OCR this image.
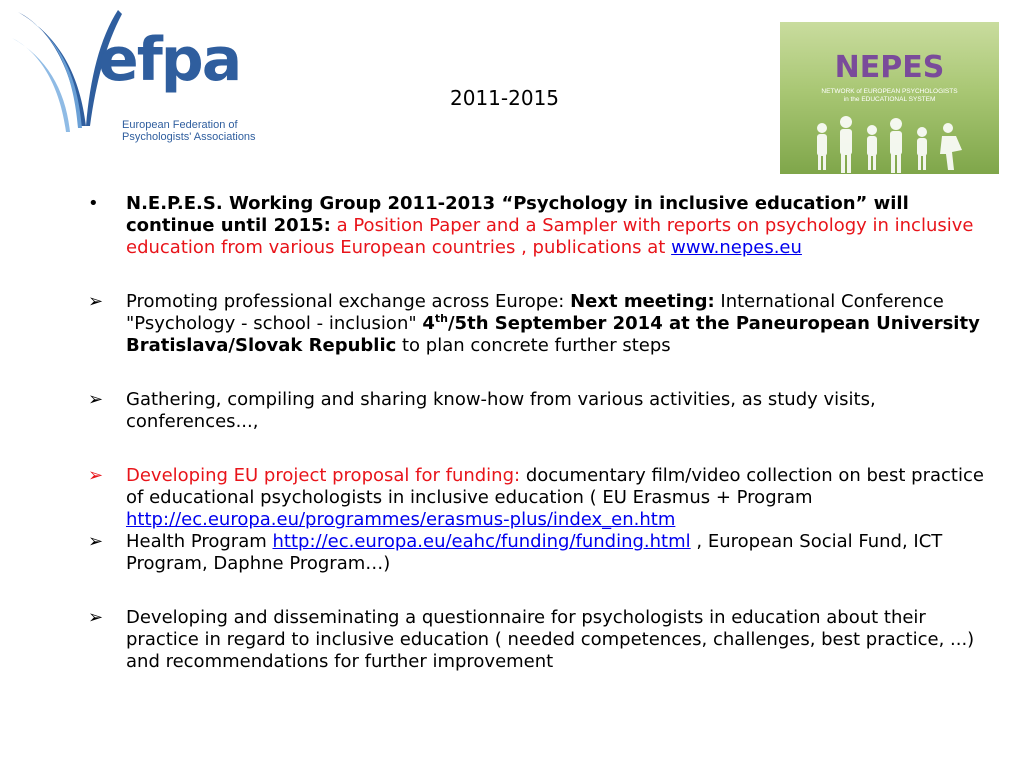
efpa
European Federation of
Psychologists' Associations
2011-2015
NEPES
NETWORK of EUROPEAN PSYCHOLOGISTS
in the EDUCATIONAL SYSTEM
•	N.E.P.E.S. Working Group 2011-2013 “Psychology in inclusive education” will continue until 2015: a Position Paper and a Sampler with reports on psychology in inclusive education from various European countries , publications at www.nepes.eu
➢	Promoting professional exchange across Europe: Next meeting: International Conference "Psychology - school - inclusion" 4th/5th September 2014 at the Paneuropean University Bratislava/Slovak Republic to plan concrete further steps
➢	Gathering, compiling and sharing know-how from various activities, as study visits, conferences...,
➢	Developing EU project proposal for funding: documentary film/video collection on best practice of educational psychologists in inclusive education ( EU Erasmus + Program http://ec.europa.eu/programmes/erasmus-plus/index_en.htm
➢	Health Program http://ec.europa.eu/eahc/funding/funding.html , European Social Fund, ICT Program, Daphne Program…)
➢	Developing and disseminating a questionnaire for psychologists in education about their practice in regard to inclusive education ( needed competences, challenges, best practice, ...) and recommendations for further improvement
